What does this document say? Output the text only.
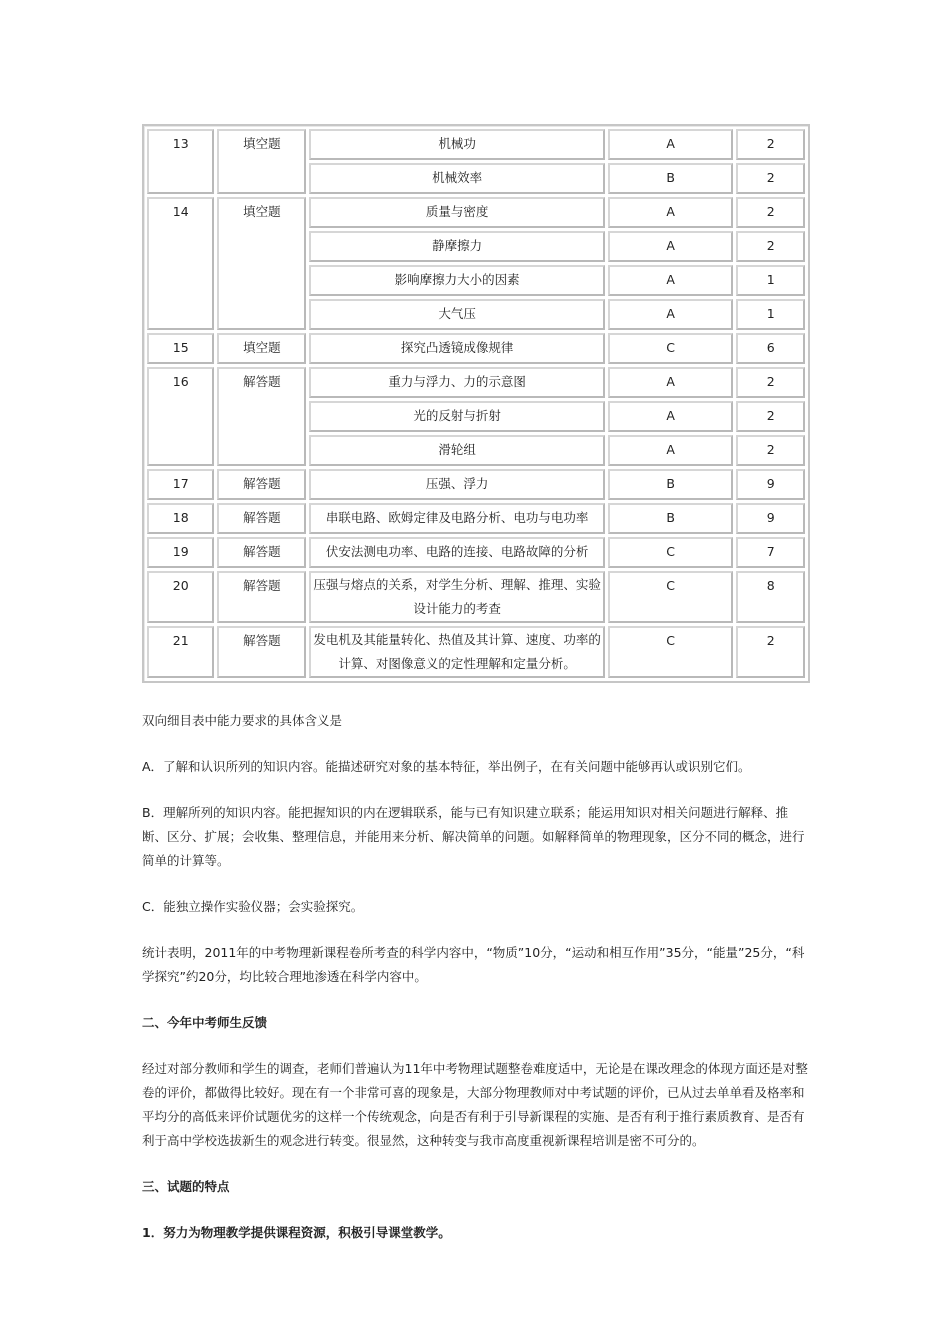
13	填空题	机械功	A	2
		机械效率	B	2
14	填空题	质量与密度	A	2
		静摩擦力	A	2
		影响摩擦力大小的因素	A	1
		大气压	A	1
15	填空题	探究凸透镜成像规律	C	6
16	解答题	重力与浮力、力的示意图	A	2
		光的反射与折射	A	2
		滑轮组	A	2
17	解答题	压强、浮力	B	9
18	解答题	串联电路、欧姆定律及电路分析、电功与电功率	B	9
19	解答题	伏安法测电功率、电路的连接、电路故障的分析	C	7
20	解答题	压强与熔点的关系，对学生分析、理解、推理、实验设计能力的考查	C	8
21	解答题	发电机及其能量转化、热值及其计算、速度、功率的计算、对图像意义的定性理解和定量分析。	C	2

双向细目表中能力要求的具体含义是

A．了解和认识所列的知识内容。能描述研究对象的基本特征，举出例子，在有关问题中能够再认或识别它们。

B．理解所列的知识内容。能把握知识的内在逻辑联系，能与已有知识建立联系；能运用知识对相关问题进行解释、推断、区分、扩展；会收集、整理信息，并能用来分析、解决简单的问题。如解释简单的物理现象，区分不同的概念，进行简单的计算等。

C．能独立操作实验仪器；会实验探究。

统计表明，2011年的中考物理新课程卷所考查的科学内容中，“物质”10分，“运动和相互作用”35分，“能量”25分，“科学探究”约20分，均比较合理地渗透在科学内容中。

二、今年中考师生反馈

经过对部分教师和学生的调查，老师们普遍认为11年中考物理试题整卷难度适中，无论是在课改理念的体现方面还是对整卷的评价，都做得比较好。现在有一个非常可喜的现象是，大部分物理教师对中考试题的评价，已从过去单单看及格率和平均分的高低来评价试题优劣的这样一个传统观念，向是否有利于引导新课程的实施、是否有利于推行素质教育、是否有利于高中学校选拔新生的观念进行转变。很显然，这种转变与我市高度重视新课程培训是密不可分的。

三、试题的特点

1．努力为物理教学提供课程资源，积极引导课堂教学。
